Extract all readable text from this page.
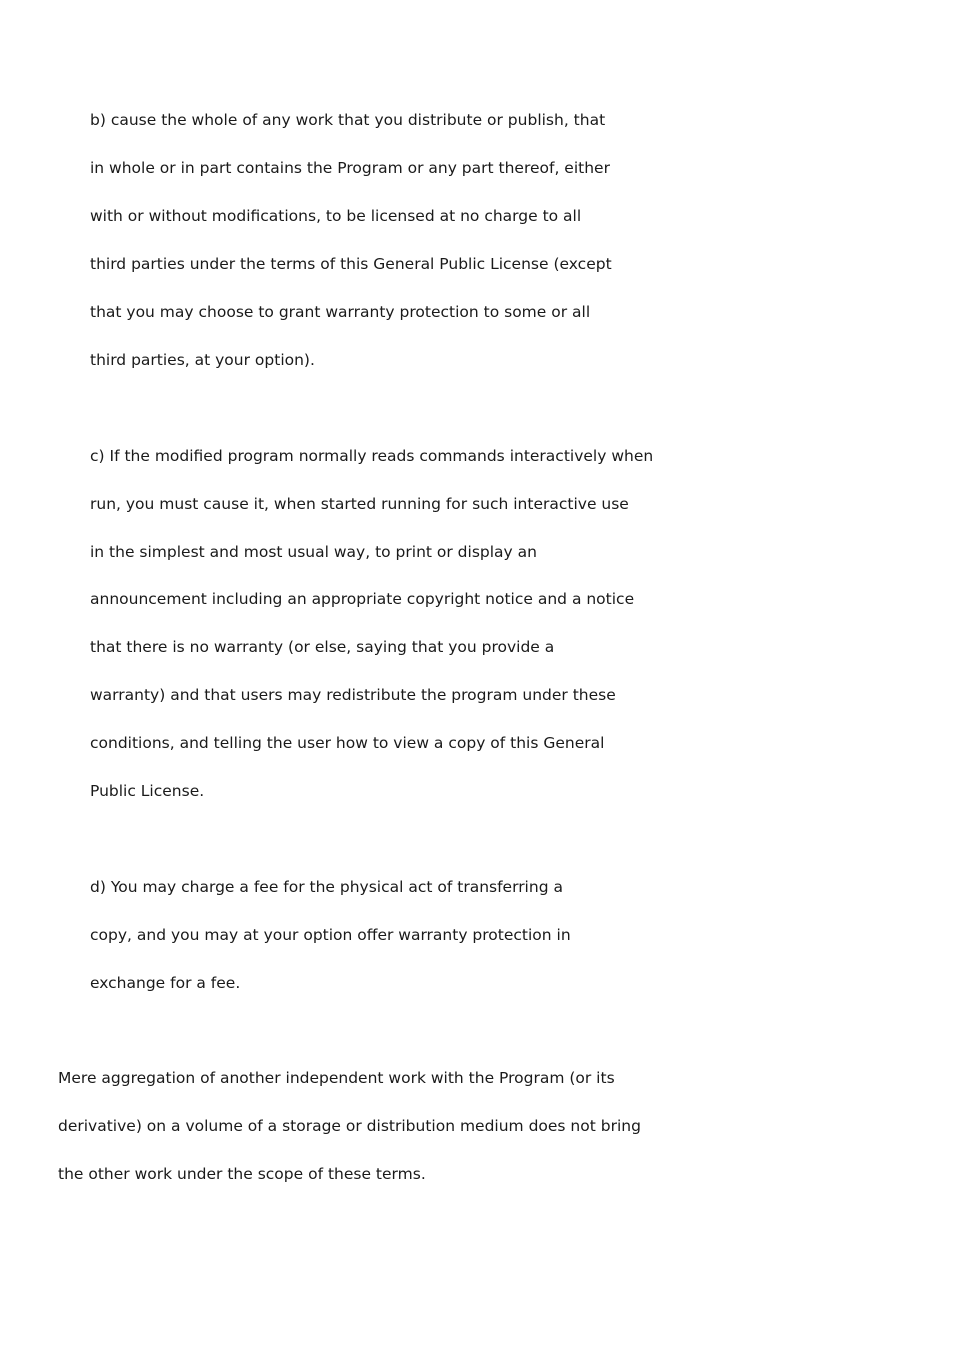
b) cause the whole of any work that you distribute or publish, that

in whole or in part contains the Program or any part thereof, either

with or without modifications, to be licensed at no charge to all

third parties under the terms of this General Public License (except

that you may choose to grant warranty protection to some or all

third parties, at your option).

c) If the modified program normally reads commands interactively when

run, you must cause it, when started running for such interactive use

in the simplest and most usual way, to print or display an

announcement including an appropriate copyright notice and a notice

that there is no warranty (or else, saying that you provide a

warranty) and that users may redistribute the program under these

conditions, and telling the user how to view a copy of this General

Public License.

d) You may charge a fee for the physical act of transferring a

copy, and you may at your option offer warranty protection in

exchange for a fee.

Mere aggregation of another independent work with the Program (or its

derivative) on a volume of a storage or distribution medium does not bring

the other work under the scope of these terms.
